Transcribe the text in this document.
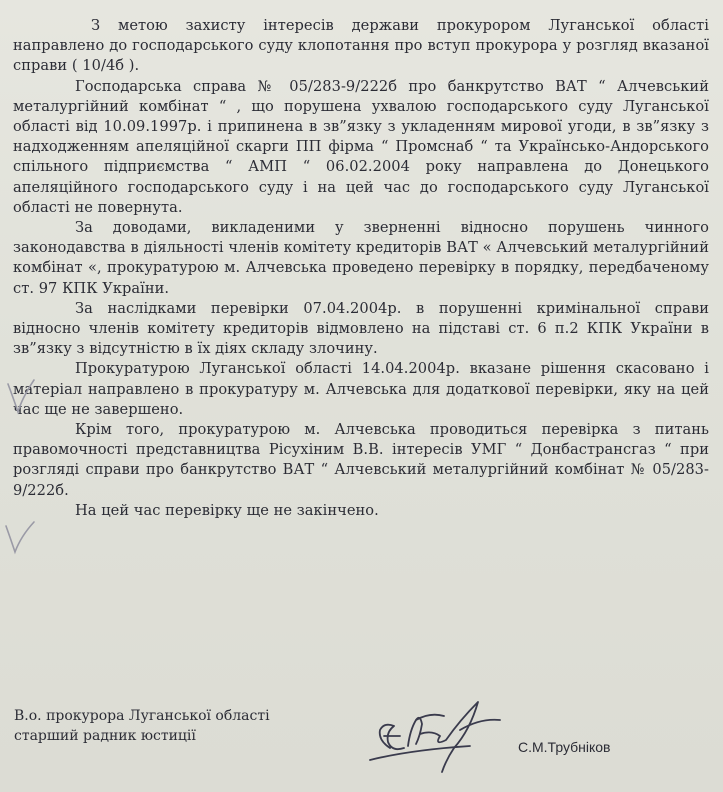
З метою захисту інтересів держави прокурором Луганської області направлено до господарського суду клопотання про вступ прокурора у розгляд вказаної справи ( 10/4б ).

Господарська справа № 05/283-9/222б про банкрутство ВАТ “ Алчевський металургійний комбінат “ , що порушена ухвалою господарського суду Луганської області від 10.09.1997р. і припинена в зв”язку з укладенням мирової угоди, в зв”язку з надходженням апеляційної скарги ПП фірма “ Промснаб “ та Українсько-Андорського спільного підприємства “ АМП “ 06.02.2004 року направлена до Донецького апеляційного господарського суду і на цей час до господарського суду Луганської області не повернута.

За доводами, викладеними у зверненні відносно порушень чинного законодавства в діяльності членів комітету кредиторів ВАТ « Алчевський металургійний комбінат «, прокуратурою м. Алчевська проведено перевірку в порядку, передбаченому ст. 97 КПК України.

За наслідками перевірки 07.04.2004р. в порушенні кримінальної справи відносно членів комітету кредиторів відмовлено на підставі ст. 6 п.2 КПК України в зв”язку з відсутністю в їх діях складу злочину.

Прокуратурою Луганської області 14.04.2004р. вказане рішення скасовано і матеріал направлено в прокуратуру м. Алчевська для додаткової перевірки, яку на цей час ще не завершено.

Крім того, прокуратурою м. Алчевська проводиться перевірка з питань правомочності представництва Рісухіним В.В. інтересів УМГ “ Донбастрансгаз “ при розгляді справи про банкрутство ВАТ “ Алчевський металургійний комбінат № 05/283-9/222б.

На цей час перевірку ще не закінчено.

В.о. прокурора Луганської області
старший радник юстиції
С.М.Трубніков
